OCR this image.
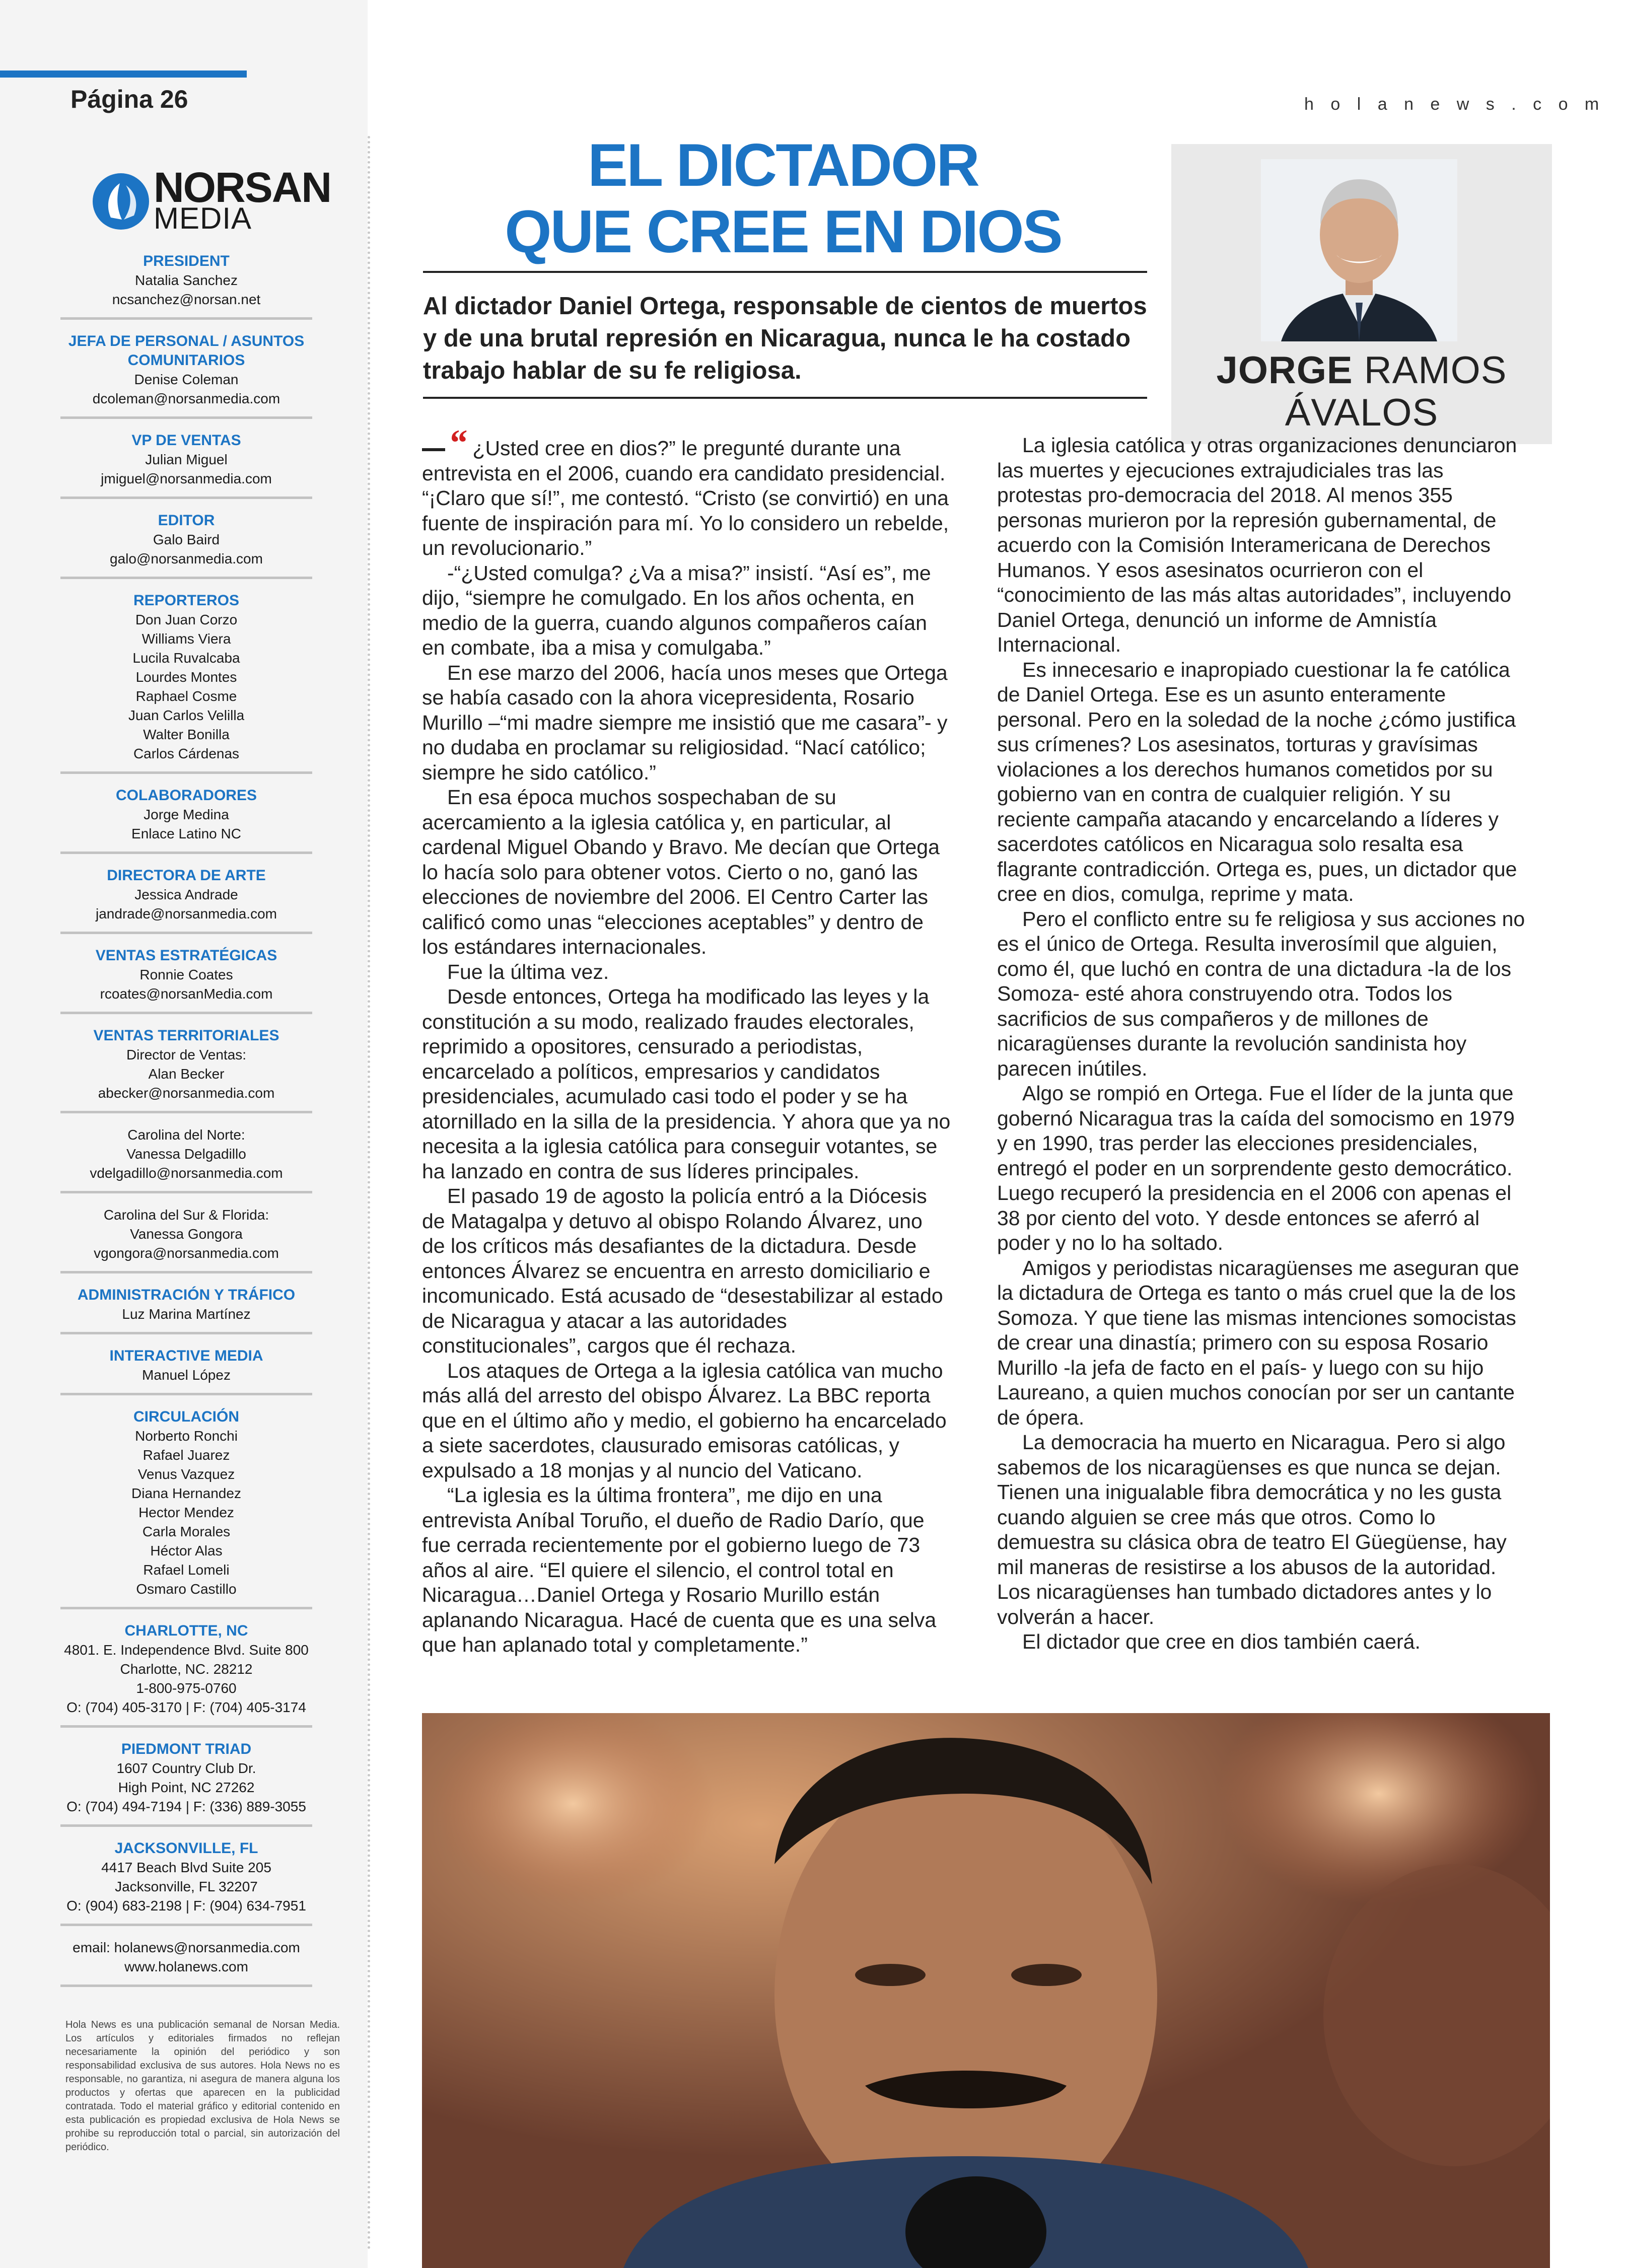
Página 26
NORSAN
MEDIA
PRESIDENT
Natalia Sanchez
ncsanchez@norsan.net
JEFA DE PERSONAL / ASUNTOS COMUNITARIOS
Denise Coleman
dcoleman@norsanmedia.com
VP DE VENTAS
Julian Miguel
jmiguel@norsanmedia.com
EDITOR
Galo Baird
galo@norsanmedia.com
REPORTEROS
Don Juan Corzo
Williams Viera
Lucila Ruvalcaba
Lourdes Montes
Raphael Cosme
Juan Carlos Velilla
Walter Bonilla
Carlos Cárdenas
COLABORADORES
Jorge Medina
Enlace Latino NC
DIRECTORA DE ARTE
Jessica Andrade
jandrade@norsanmedia.com
VENTAS ESTRATÉGICAS
Ronnie Coates
rcoates@norsanMedia.com
VENTAS TERRITORIALES
Director de Ventas:
Alan Becker
abecker@norsanmedia.com
Carolina del Norte:
Vanessa Delgadillo
vdelgadillo@norsanmedia.com
Carolina del Sur & Florida:
Vanessa Gongora
vgongora@norsanmedia.com
ADMINISTRACIÓN Y TRÁFICO
Luz Marina Martínez
INTERACTIVE MEDIA
Manuel López
CIRCULACIÓN
Norberto Ronchi
Rafael Juarez
Venus Vazquez
Diana Hernandez
Hector Mendez
Carla Morales
Héctor Alas
Rafael Lomeli
Osmaro Castillo
CHARLOTTE, NC
4801. E. Independence Blvd. Suite 800
Charlotte, NC. 28212
1-800-975-0760
O: (704) 405-3170 | F: (704) 405-3174
PIEDMONT TRIAD
1607 Country Club Dr.
High Point, NC 27262
O: (704) 494-7194 | F: (336) 889-3055
JACKSONVILLE, FL
4417 Beach Blvd Suite 205
Jacksonville, FL 32207
O: (904) 683-2198 | F: (904) 634-7951
email: holanews@norsanmedia.com
www.holanews.com
Hola News es una publicación semanal de Norsan Media. Los artículos y editoriales firmados no reflejan necesariamente la opinión del periódico y son responsabilidad exclusiva de sus autores. Hola News no es responsable, no garantiza, ni asegura de manera alguna los productos y ofertas que aparecen en la publicidad contratada. Todo el material gráfico y editorial contenido en esta publicación es propiedad exclusiva de Hola News se prohibe su reproducción total o parcial, sin autorización del periódico.
h o l a n e w s . c o m
EL DICTADOR
QUE CREE EN DIOS
Al dictador Daniel Ortega, responsable de cientos de muertos y de una brutal represión en Nicaragua, nunca le ha costado trabajo hablar de su fe religiosa.	JORGE RAMOS
ÁVALOS

“ ¿Usted cree en dios?” le pregunté durante una entrevista en el 2006, cuando era candidato presidencial. “¡Claro que sí!”, me contestó. “Cristo (se convirtió) en una fuente de inspiración para mí. Yo lo considero un rebelde, un revolucionario.”

-“¿Usted comulga? ¿Va a misa?” insistí. “Así es”, me dijo, “siempre he comulgado. En los años ochenta, en medio de la guerra, cuando algunos compañeros caían en combate, iba a misa y comulgaba.”

En ese marzo del 2006, hacía unos meses que Ortega se había casado con la ahora vicepresidenta, Rosario Murillo –“mi madre siempre me insistió que me casara”- y no dudaba en proclamar su religiosidad. “Nací católico; siempre he sido católico.”

En esa época muchos sospechaban de su acercamiento a la iglesia católica y, en particular, al cardenal Miguel Obando y Bravo. Me decían que Ortega lo hacía solo para obtener votos. Cierto o no, ganó las elecciones de noviembre del 2006. El Centro Carter las calificó como unas “elecciones aceptables” y dentro de los estándares internacionales.

Fue la última vez.

Desde entonces, Ortega ha modificado las leyes y la constitución a su modo, realizado fraudes electorales, reprimido a opositores, censurado a periodistas, encarcelado a políticos, empresarios y candidatos presidenciales, acumulado casi todo el poder y se ha atornillado en la silla de la presidencia. Y ahora que ya no necesita a la iglesia católica para conseguir votantes, se ha lanzado en contra de sus líderes principales.

El pasado 19 de agosto la policía entró a la Diócesis de Matagalpa y detuvo al obispo Rolando Álvarez, uno de los críticos más desafiantes de la dictadura. Desde entonces Álvarez se encuentra en arresto domiciliario e incomunicado. Está acusado de “desestabilizar al estado de Nicaragua y atacar a las autoridades constitucionales”, cargos que él rechaza.

Los ataques de Ortega a la iglesia católica van mucho más allá del arresto del obispo Álvarez. La BBC reporta que en el último año y medio, el gobierno ha encarcelado a siete sacerdotes, clausurado emisoras católicas, y expulsado a 18 monjas y al nuncio del Vaticano.

“La iglesia es la última frontera”, me dijo en una entrevista Aníbal Toruño, el dueño de Radio Darío, que fue cerrada recientemente por el gobierno luego de 73 años al aire. “El quiere el silencio, el control total en Nicaragua…Daniel Ortega y Rosario Murillo están aplanando Nicaragua. Hacé de cuenta que es una selva que han aplanado total y completamente.”

La iglesia católica y otras organizaciones denunciaron las muertes y ejecuciones extrajudiciales tras las protestas pro-democracia del 2018. Al menos 355 personas murieron por la represión gubernamental, de acuerdo con la Comisión Interamericana de Derechos Humanos. Y esos asesinatos ocurrieron con el “conocimiento de las más altas autoridades”, incluyendo Daniel Ortega, denunció un informe de Amnistía Internacional.

Es innecesario e inapropiado cuestionar la fe católica de Daniel Ortega. Ese es un asunto enteramente personal. Pero en la soledad de la noche ¿cómo justifica sus crímenes? Los asesinatos, torturas y gravísimas violaciones a los derechos humanos cometidos por su gobierno van en contra de cualquier religión. Y su reciente campaña atacando y encarcelando a líderes y sacerdotes católicos en Nicaragua solo resalta esa flagrante contradicción. Ortega es, pues, un dictador que cree en dios, comulga, reprime y mata.

Pero el conflicto entre su fe religiosa y sus acciones no es el único de Ortega. Resulta inverosímil que alguien, como él, que luchó en contra de una dictadura -la de los Somoza- esté ahora construyendo otra. Todos los sacrificios de sus compañeros y de millones de nicaragüenses durante la revolución sandinista hoy parecen inútiles.

Algo se rompió en Ortega. Fue el líder de la junta que gobernó Nicaragua tras la caída del somocismo en 1979 y en 1990, tras perder las elecciones presidenciales, entregó el poder en un sorprendente gesto democrático. Luego recuperó la presidencia en el 2006 con apenas el 38 por ciento del voto. Y desde entonces se aferró al poder y no lo ha soltado.

Amigos y periodistas nicaragüenses me aseguran que la dictadura de Ortega es tanto o más cruel que la de los Somoza. Y que tiene las mismas intenciones somocistas de crear una dinastía; primero con su esposa Rosario Murillo -la jefa de facto en el país- y luego con su hijo Laureano, a quien muchos conocían por ser un cantante de ópera.

La democracia ha muerto en Nicaragua. Pero si algo sabemos de los nicaragüenses es que nunca se dejan. Tienen una inigualable fibra democrática y no les gusta cuando alguien se cree más que otros. Como lo demuestra su clásica obra de teatro El Güegüense, hay mil maneras de resistirse a los abusos de la autoridad. Los nicaragüenses han tumbado dictadores antes y lo volverán a hacer.

El dictador que cree en dios también caerá.
